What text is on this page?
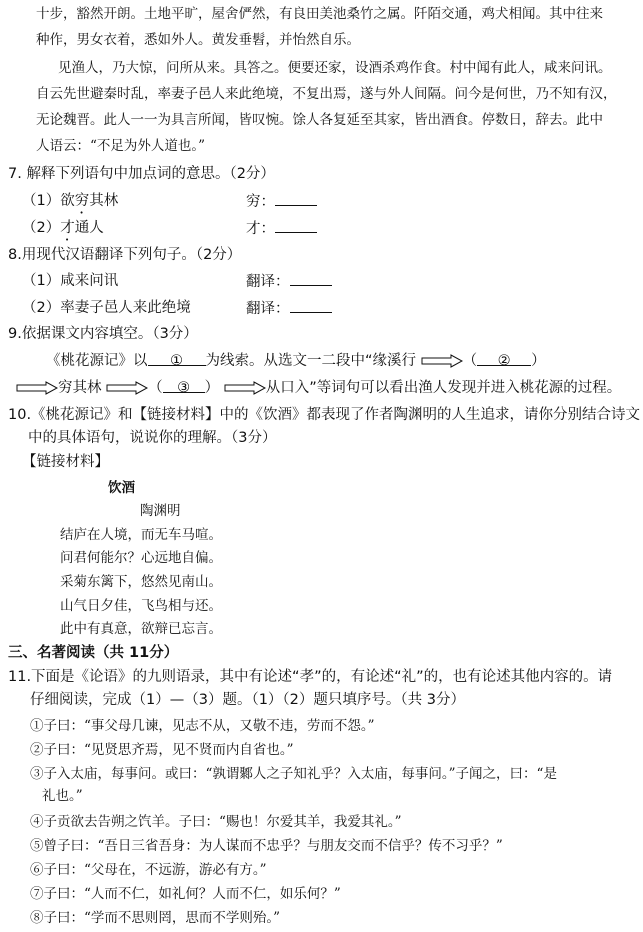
十步，豁然开朗。土地平旷，屋舍俨然，有良田美池桑竹之属。阡陌交通，鸡犬相闻。其中往来
种作，男女衣着，悉如外人。黄发垂髫，并怡然自乐。
见渔人，乃大惊，问所从来。具答之。便要还家，设酒杀鸡作食。村中闻有此人，咸来问讯。
自云先世避秦时乱，率妻子邑人来此绝境，不复出焉，遂与外人间隔。问今是何世，乃不知有汉，
无论魏晋。此人一一为具言所闻，皆叹惋。馀人各复延至其家，皆出酒食。停数日，辞去。此中
人语云：“不足为外人道也。”
7. 解释下列语句中加点词的意思。（2分）
（1）欲穷其林	穷：
（2）才通人	才：
8.用现代汉语翻译下列句子。（2分）
（1）咸来问讯	翻译：
（2）率妻子邑人来此绝境	翻译：
9.依据课文内容填空。（3分）
《桃花源记》以 ① 为线索。从选文一二段中“缘溪行	（ ② ）
穷其林	（ ③ ）	从口入”等词句可以看出渔人发现并进入桃花源的过程。
10.《桃花源记》和【链接材料】中的《饮酒》都表现了作者陶渊明的人生追求，请你分别结合诗文
中的具体语句，说说你的理解。（3分）
【链接材料】
饮酒
陶渊明
结庐在人境，而无车马喧。
问君何能尔？心远地自偏。
采菊东篱下，悠然见南山。
山气日夕佳，飞鸟相与还。
此中有真意，欲辩已忘言。
三、名著阅读（共 11分）
11.下面是《论语》的九则语录，其中有论述“孝”的，有论述“礼”的，也有论述其他内容的。请
仔细阅读，完成（1）—（3）题。（1）（2）题只填序号。（共 3分）
①子曰：“事父母几谏，见志不从，又敬不违，劳而不怨。”
②子曰：“见贤思齐焉，见不贤而内自省也。”
③子入太庙，每事问。或曰：“孰谓鄹人之子知礼乎？入太庙，每事问。”子闻之，曰：“是
礼也。”
④子贡欲去告朔之饩羊。子曰：“赐也！尔爱其羊，我爱其礼。”
⑤曾子曰：“吾日三省吾身：为人谋而不忠乎？与朋友交而不信乎？传不习乎？”
⑥子曰：“父母在，不远游，游必有方。”
⑦子曰：“人而不仁，如礼何？人而不仁，如乐何？”
⑧子曰：“学而不思则罔，思而不学则殆。”
